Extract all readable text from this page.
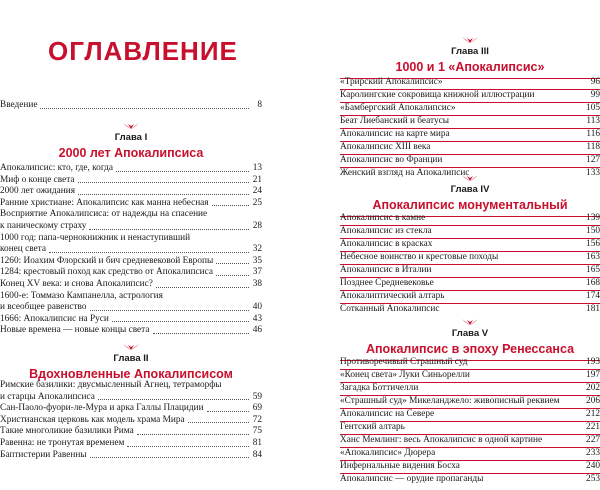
ОГЛАВЛЕНИЕ
Введение	8
Глава I
2000 лет Апокалипсиса
Апокалипсис: кто, где, когда	13
Миф о конце света	21
2000 лет ожидания	24
Ранние христиане: Апокалипсис как манна небесная	25
Восприятие Апокалипсиса: от надежды на спасение
к паническому страху	28
1000 год: папа-чернокнижник и ненаступивший
конец света	32
1260: Иоахим Флорский и бич средневековой Европы	35
1284: крестовый поход как средство от Апокалипсиса	37
Конец XV века: и снова Апокалипсис?	38
1600-е: Томмазо Кампанелла, астрология
и всеобщее равенство	40
1666: Апокалипсис на Руси	43
Новые времена — новые концы света	46
Глава II
Вдохновленные Апокалипсисом
Римские базилики: двусмысленный Агнец, тетраморфы
и старцы Апокалипсиса	59
Сан-Паоло-фуори-ле-Мура и арка Галлы Плацидии	69
Христианская церковь как модель храма Мира	72
Такие многоликие базилики Рима	75
Равенна: не тронутая временем	81
Баптистерии Равенны	84
Глава III
1000 и 1 «Апокалипсис»
«Трирский Апокалипсис»	96
Каролингские сокровища книжной иллюстрации	99
«Бамбергский Апокалипсис»	105
Беат Лиебанский и беатусы	113
Апокалипсис на карте мира	116
Апокалипсис XIII века	118
Апокалипсис во Франции	127
Женский взгляд на Апокалипсис	133
Глава IV
Апокалипсис монументальный
Апокалипсис в камне	139
Апокалипсис из стекла	150
Апокалипсис в красках	156
Небесное воинство и крестовые походы	163
Апокалипсис в Италии	165
Позднее Средневековье	168
Апокалиптический алтарь	174
Сотканный Апокалипсис	181
Глава V
Апокалипсис в эпоху Ренессанса
Противоречивый Страшный суд	193
«Конец света» Луки Синьорелли	197
Загадка Боттичелли	202
«Страшный суд» Микеланджело: живописный реквием	206
Апокалипсис на Севере	212
Гентский алтарь	221
Ханс Мемлинг: весь Апокалипсис в одной картине	227
«Апокалипсис» Дюрера	233
Инфернальные видения Босха	240
Апокалипсис — орудие пропаганды	253
